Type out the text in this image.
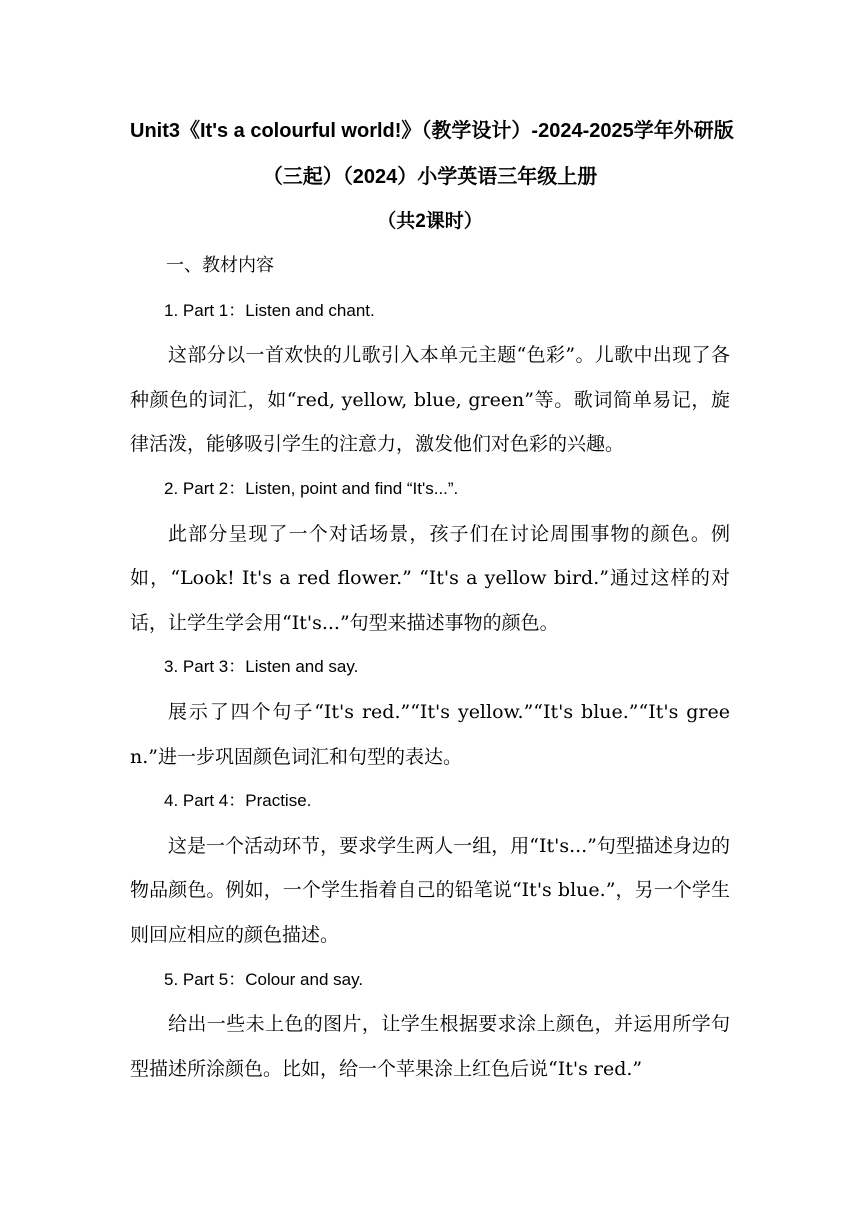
Unit3《It's a colourful world!》（教学设计）-2024-2025学年外研版

（三起）（2024）小学英语三年级上册

（共2课时）

一、教材内容

1. Part 1：Listen and chant.

这部分以一首欢快的儿歌引入本单元主题“色彩”。儿歌中出现了各种颜色的词汇，如“red, yellow, blue, green”等。歌词简单易记，旋律活泼，能够吸引学生的注意力，激发他们对色彩的兴趣。

2. Part 2：Listen, point and find “It's...”.

此部分呈现了一个对话场景，孩子们在讨论周围事物的颜色。例如，“Look! It's a red flower.” “It's a yellow bird.”通过这样的对话，让学生学会用“It's...”句型来描述事物的颜色。

3. Part 3：Listen and say.

展示了四个句子“It's red.”“It's yellow.”“It's blue.”“It's green.”进一步巩固颜色词汇和句型的表达。

4. Part 4：Practise.

这是一个活动环节，要求学生两人一组，用“It's...”句型描述身边的物品颜色。例如，一个学生指着自己的铅笔说“It's blue.”，另一个学生则回应相应的颜色描述。

5. Part 5：Colour and say.

给出一些未上色的图片，让学生根据要求涂上颜色，并运用所学句型描述所涂颜色。比如，给一个苹果涂上红色后说“It's red.”
